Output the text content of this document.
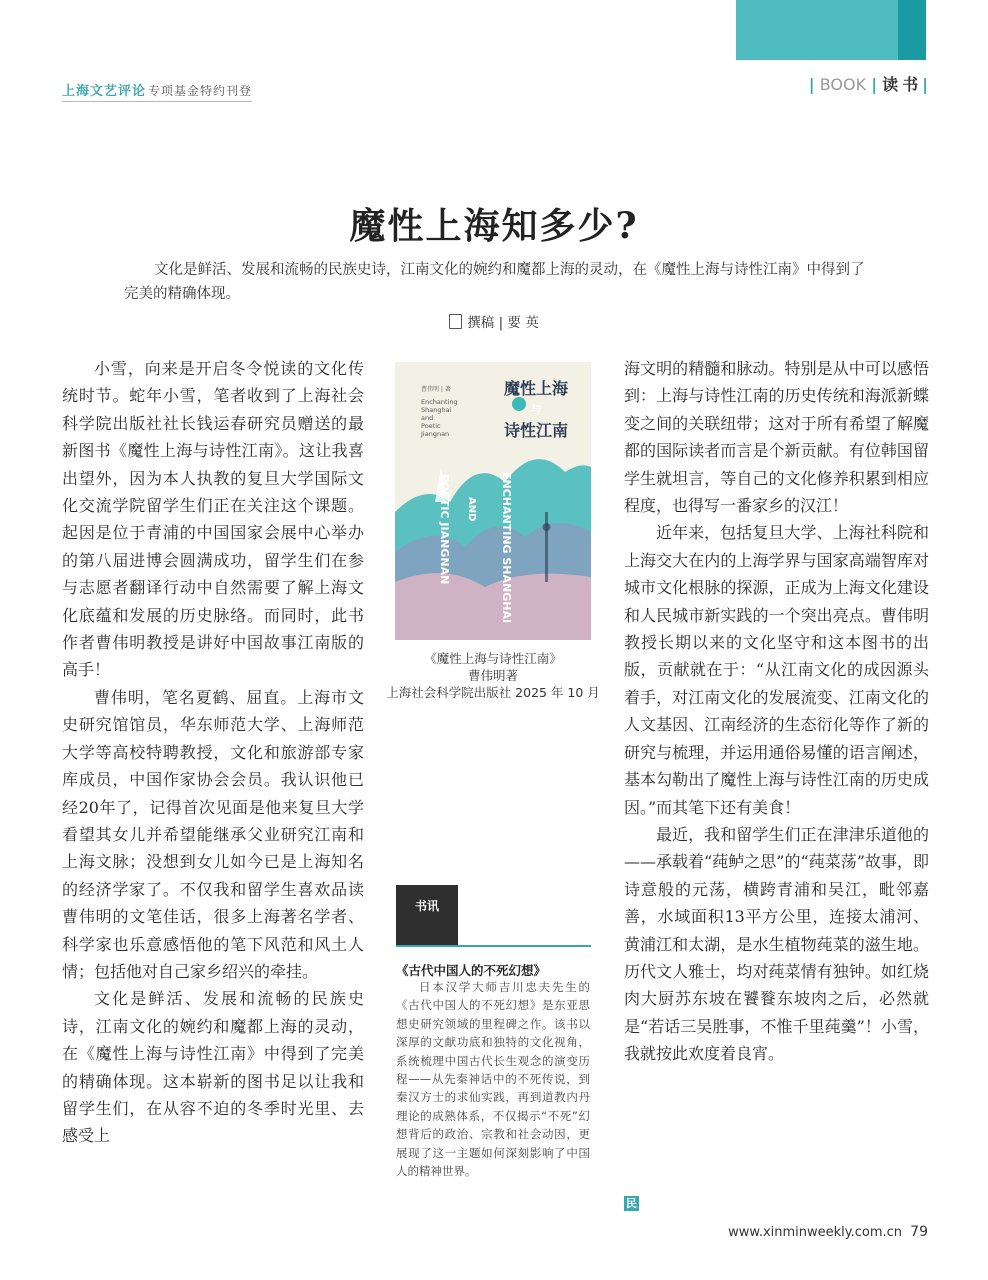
上海文艺评论 专项基金特约刊登	| BOOK | 读书|
魔性上海知多少?
文化是鲜活、发展和流畅的民族史诗，江南文化的婉约和魔都上海的灵动，在《魔性上海与诗性江南》中得到了完美的精确体现。
撰稿 | 要 英

小雪，向来是开启冬令悦读的文化传统时节。蛇年小雪，笔者收到了上海社会科学院出版社社长钱运春研究员赠送的最新图书《魔性上海与诗性江南》。这让我喜出望外，因为本人执教的复旦大学国际文化交流学院留学生们正在关注这个课题。起因是位于青浦的中国国家会展中心举办的第八届进博会圆满成功，留学生们在参与志愿者翻译行动中自然需要了解上海文化底蕴和发展的历史脉络。而同时，此书作者曹伟明教授是讲好中国故事江南版的高手！

曹伟明，笔名夏鹤、屈直。上海市文史研究馆馆员，华东师范大学、上海师范大学等高校特聘教授，文化和旅游部专家库成员，中国作家协会会员。我认识他已经20年了，记得首次见面是他来复旦大学看望其女儿并希望能继承父业研究江南和上海文脉；没想到女儿如今已是上海知名的经济学家了。不仅我和留学生喜欢品读曹伟明的文笔佳话，很多上海著名学者、科学家也乐意感悟他的笔下风范和风土人情；包括他对自己家乡绍兴的牵挂。

文化是鲜活、发展和流畅的民族史诗，江南文化的婉约和魔都上海的灵动，在《魔性上海与诗性江南》中得到了完美的精确体现。这本崭新的图书足以让我和留学生们，在从容不迫的冬季时光里、去感受上

曹伟明 | 著
Enchanting
Shanghai
and
Poetic
Jiangnan
魔性上海
与
诗性江南
POETIC JIANGNAN AND ENCHANTING SHANGHAI
《魔性上海与诗性江南》
曹伟明著
上海社会科学院出版社 2025 年 10 月
书讯
《古代中国人的不死幻想》
日本汉学大师吉川忠夫先生的《古代中国人的不死幻想》是东亚思想史研究领域的里程碑之作。该书以深厚的文献功底和独特的文化视角，系统梳理中国古代长生观念的演变历程——从先秦神话中的不死传说，到秦汉方士的求仙实践，再到道教内丹理论的成熟体系，不仅揭示“不死”幻想背后的政治、宗教和社会动因，更展现了这一主题如何深刻影响了中国人的精神世界。

海文明的精髓和脉动。特别是从中可以感悟到：上海与诗性江南的历史传统和海派新蝶变之间的关联纽带；这对于所有希望了解魔都的国际读者而言是个新贡献。有位韩国留学生就坦言，等自己的文化修养积累到相应程度，也得写一番家乡的汉江！

近年来，包括复旦大学、上海社科院和上海交大在内的上海学界与国家高端智库对城市文化根脉的探源，正成为上海文化建设和人民城市新实践的一个突出亮点。曹伟明教授长期以来的文化坚守和这本图书的出版，贡献就在于：“从江南文化的成因源头着手，对江南文化的发展流变、江南文化的人文基因、江南经济的生态衍化等作了新的研究与梳理，并运用通俗易懂的语言阐述，基本勾勒出了魔性上海与诗性江南的历史成因。”而其笔下还有美食！

最近，我和留学生们正在津津乐道他的——承载着“莼鲈之思”的“莼菜荡”故事，即诗意般的元荡，横跨青浦和吴江，毗邻嘉善，水域面积13平方公里，连接太浦河、黄浦江和太湖，是水生植物莼菜的滋生地。历代文人雅士，均对莼菜情有独钟。如红烧肉大厨苏东坡在饕餮东坡肉之后，必然就是“若话三吴胜事，不惟千里莼羹”！小雪，我就按此欢度着良宵。

民
www.xinminweekly.com.cn 79
